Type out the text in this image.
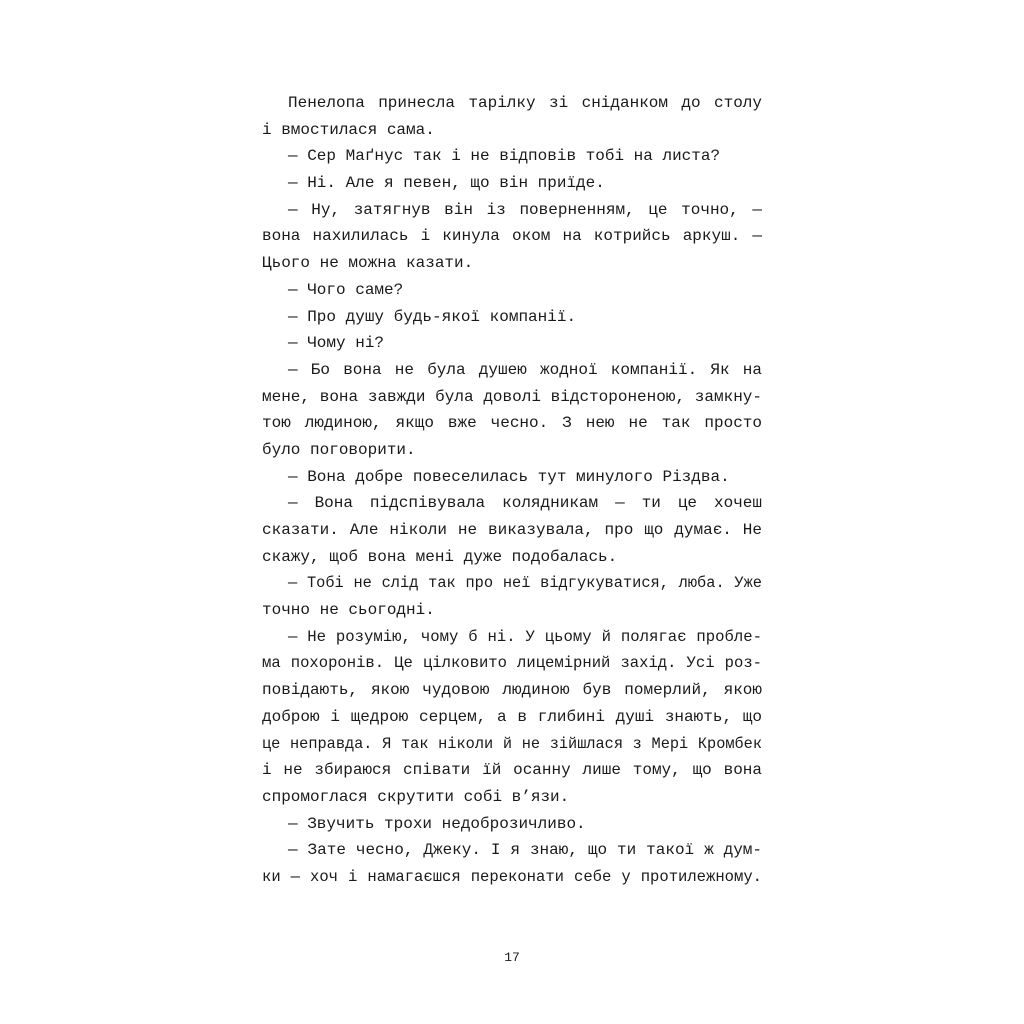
Пенелопа принесла тарілку зі сніданком до столу
і вмостилася сама.
— Сер Маґнус так і не відповів тобі на листа?
— Ні. Але я певен, що він приїде.
— Ну, затягнув він із поверненням, це точно, —
вона нахилилась і кинула оком на котрийсь аркуш. —
Цього не можна казати.
— Чого саме?
— Про душу будь-якої компанії.
— Чому ні?
— Бо вона не була душею жодної компанії. Як на
мене, вона завжди була доволі відстороненою, замкну-
тою людиною, якщо вже чесно. З нею не так просто
було поговорити.
— Вона добре повеселилась тут минулого Різдва.
— Вона підспівувала колядникам — ти це хочеш
сказати. Але ніколи не виказувала, про що думає. Не
скажу, щоб вона мені дуже подобалась.
— Тобі не слід так про неї відгукуватися, люба. Уже
точно не сьогодні.
— Не розумію, чому б ні. У цьому й полягає пробле-
ма похоронів. Це цілковито лицемірний захід. Усі роз-
повідають, якою чудовою людиною був померлий, якою
доброю і щедрою серцем, а в глибині душі знають, що
це неправда. Я так ніколи й не зійшлася з Мері Кромбек
і не збираюся співати їй осанну лише тому, що вона
спромоглася скрутити собі в’язи.
— Звучить трохи недоброзичливо.
— Зате чесно, Джеку. І я знаю, що ти такої ж дум-
ки — хоч і намагаєшся переконати себе у протилежному.
17
